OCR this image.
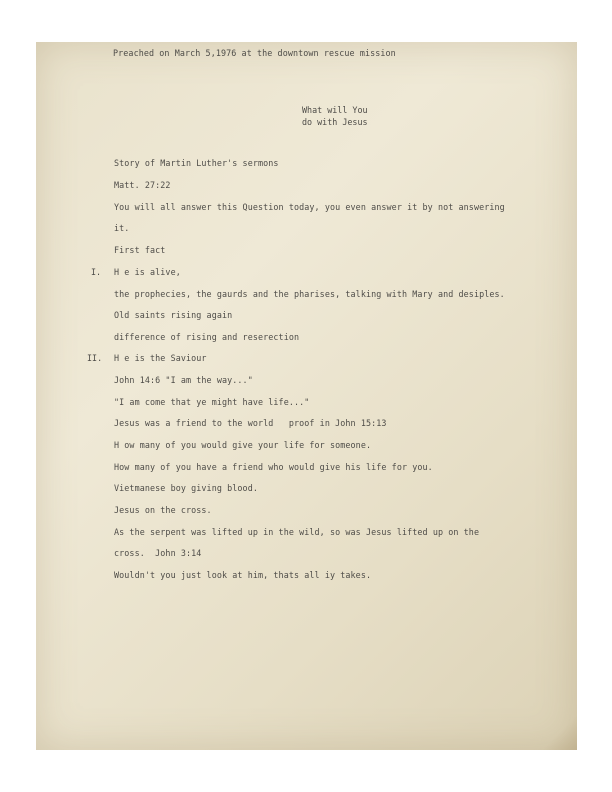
Preached on March 5,1976 at the downtown rescue mission

What will You

do with Jesus

Story of Martin Luther's sermons

Matt. 27:22

You will all answer this Question today, you even answer it by not answering

it.

First fact

I. H e is alive,

the prophecies, the gaurds and the pharises, talking with Mary and desiples.

Old saints rising again

difference of rising and reserection

II. H e is the Saviour

John 14:6 "I am the way..."

"I am come that ye might have life..."

Jesus was a friend to the world   proof in John 15:13

H ow many of you would give your life for someone.

How many of you have a friend who would give his life for you.

Vietmanese boy giving blood.

Jesus on the cross.

As the serpent was lifted up in the wild, so was Jesus lifted up on the

cross.  John 3:14

Wouldn't you just look at him, thats all iy takes.
